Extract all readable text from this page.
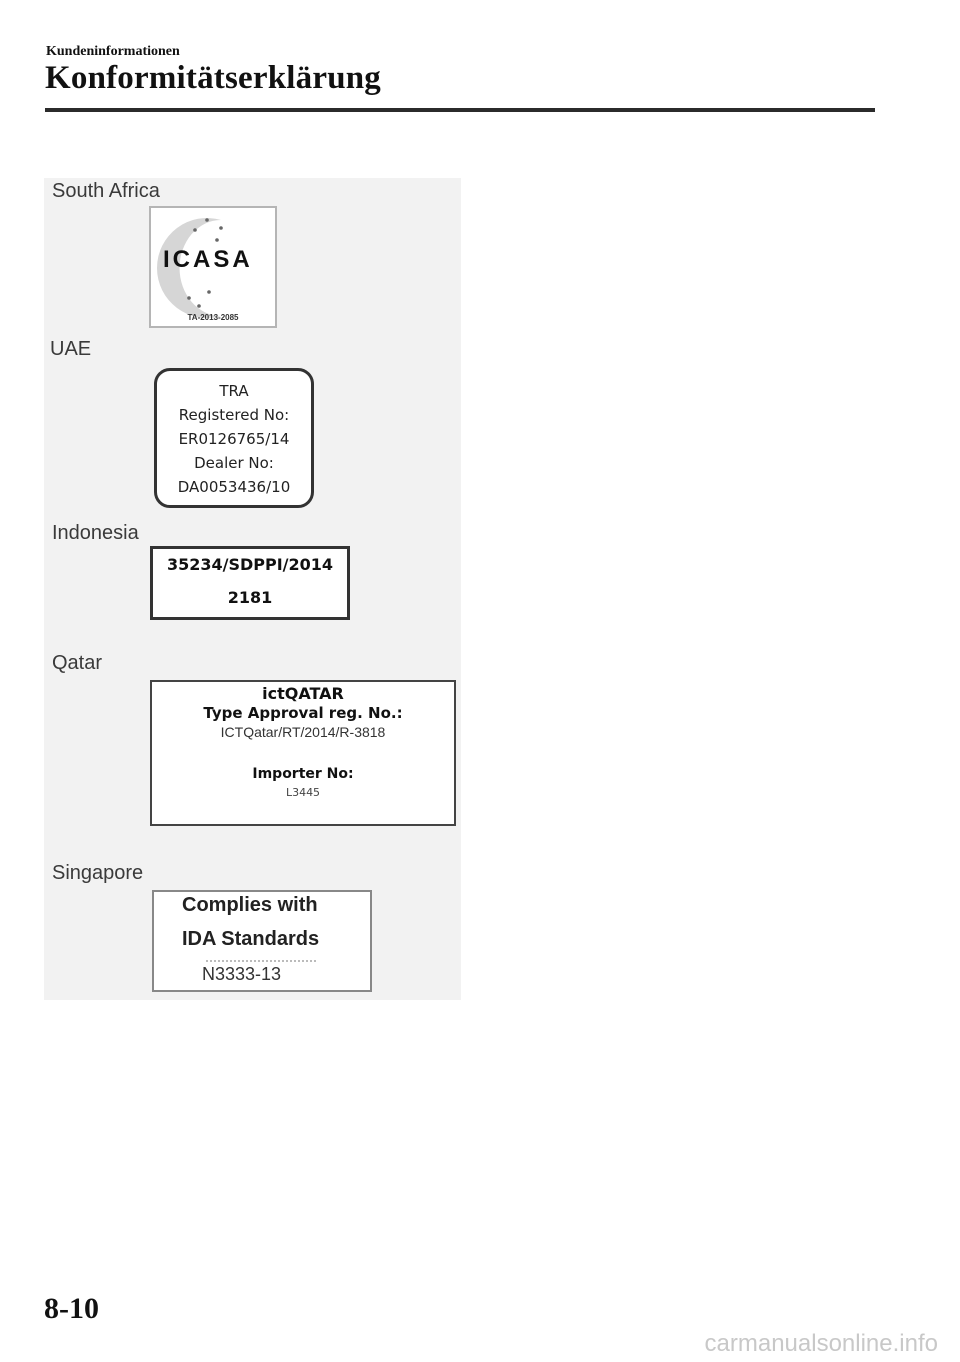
Kundeninformationen
Konformitätserklärung
South Africa
ICASA
TA-2013-2085
UAE
TRA
Registered No:
ER0126765/14
Dealer No:
DA0053436/10
Indonesia
35234/SDPPI/2014
2181
Qatar
ictQATAR
Type Approval reg. No.:
ICTQatar/RT/2014/R-3818
Importer No:
L3445
Singapore
Complies with
IDA Standards
N3333-13
8-10
carmanualsonline.info
